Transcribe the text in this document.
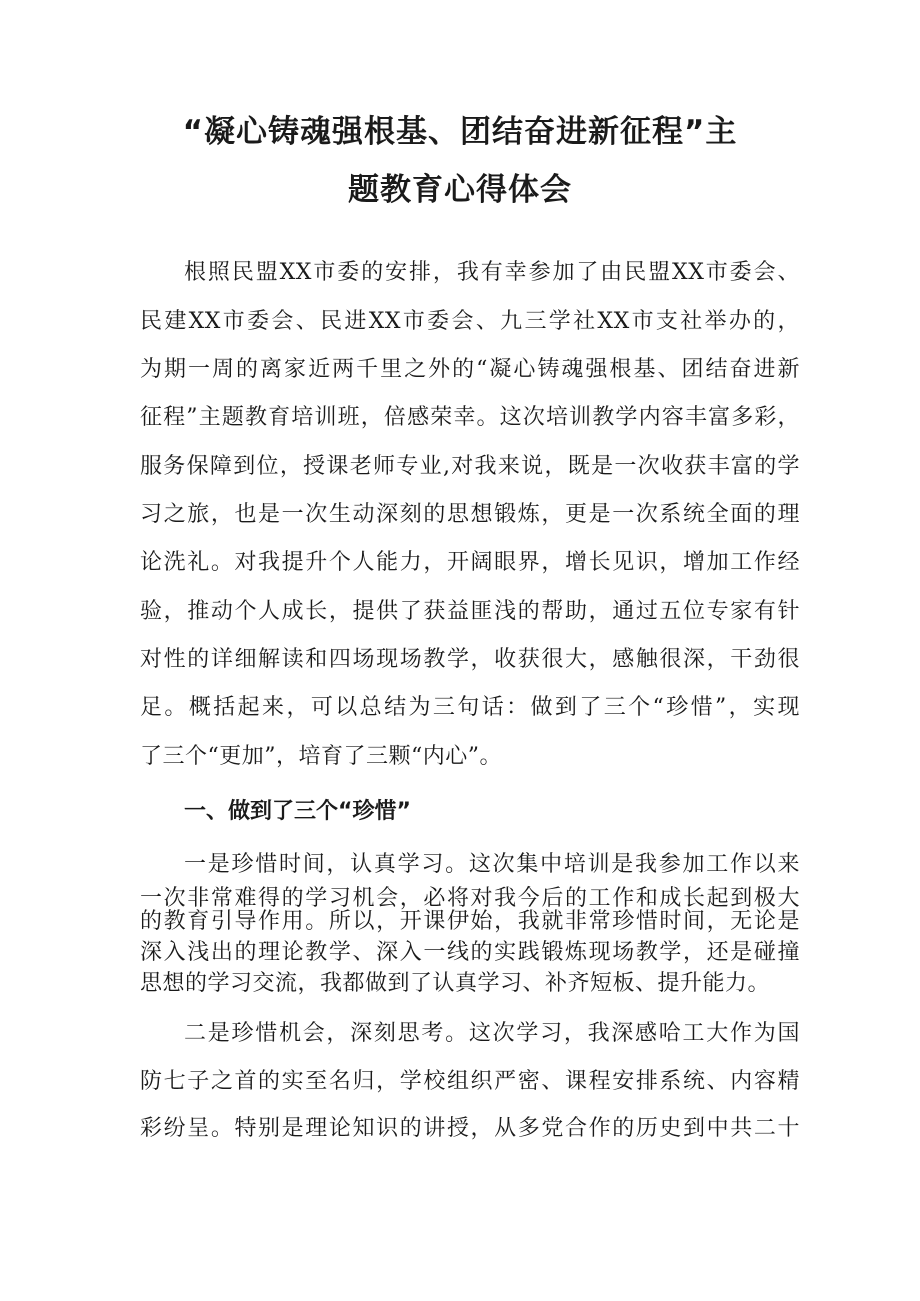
“凝心铸魂强根基、团结奋进新征程”主
题教育心得体会
根照民盟XX市委的安排，我有幸参加了由民盟XX市委会、
民建XX市委会、民进XX市委会、九三学社XX市支社举办的，
为期一周的离家近两千里之外的“凝心铸魂强根基、团结奋进新
征程”主题教育培训班，倍感荣幸。这次培训教学内容丰富多彩，
服务保障到位，授课老师专业,对我来说，既是一次收获丰富的学
习之旅，也是一次生动深刻的思想锻炼，更是一次系统全面的理
论洗礼。对我提升个人能力，开阔眼界，增长见识，增加工作经
验，推动个人成长，提供了获益匪浅的帮助，通过五位专家有针
对性的详细解读和四场现场教学，收获很大，感触很深，干劲很
足。概括起来，可以总结为三句话：做到了三个“珍惜”，实现
了三个“更加”，培育了三颗“内心”。
一、做到了三个“珍惜”
一是珍惜时间，认真学习。这次集中培训是我参加工作以来
一次非常难得的学习机会，必将对我今后的工作和成长起到极大
的教育引导作用。所以，开课伊始，我就非常珍惜时间，无论是
深入浅出的理论教学、深入一线的实践锻炼现场教学，还是碰撞
思想的学习交流，我都做到了认真学习、补齐短板、提升能力。
二是珍惜机会，深刻思考。这次学习，我深感哈工大作为国
防七子之首的实至名归，学校组织严密、课程安排系统、内容精
彩纷呈。特别是理论知识的讲授，从多党合作的历史到中共二十
